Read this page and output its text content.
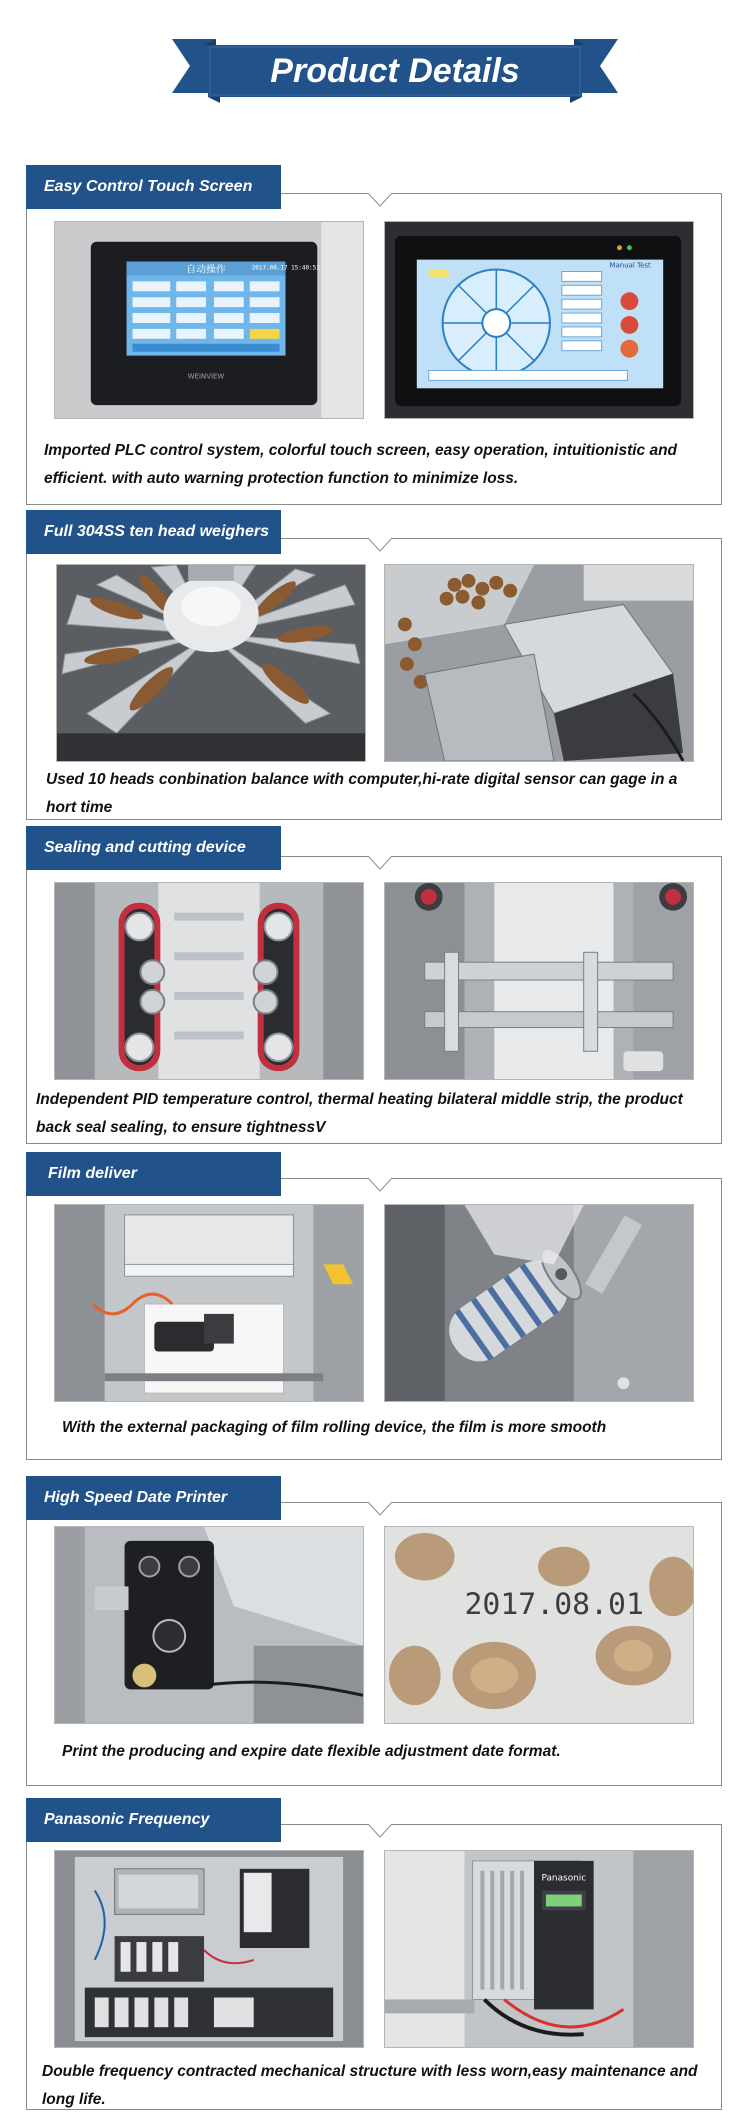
Product Details
Easy Control Touch Screen
自动操作
WEINVIEW
2017.08.17 15:40:51	Manual Test
Imported PLC control system, colorful touch screen, easy operation, intuitionistic and efficient. with auto warning protection function to minimize loss.
Full 304SS ten head weighers
Used 10 heads conbination balance with computer,hi-rate digital sensor can gage in a hort time
Sealing and cutting device
Independent PID temperature control, thermal heating bilateral middle strip, the product back seal sealing, to ensure tightnessV
Film deliver
With the external packaging of film rolling device, the film is more smooth
High Speed Date Printer
2017.08.01
Print the producing and expire date flexible adjustment date format.
Panasonic Frequency
Panasonic
Double frequency contracted mechanical structure with less worn,easy maintenance and long life.
